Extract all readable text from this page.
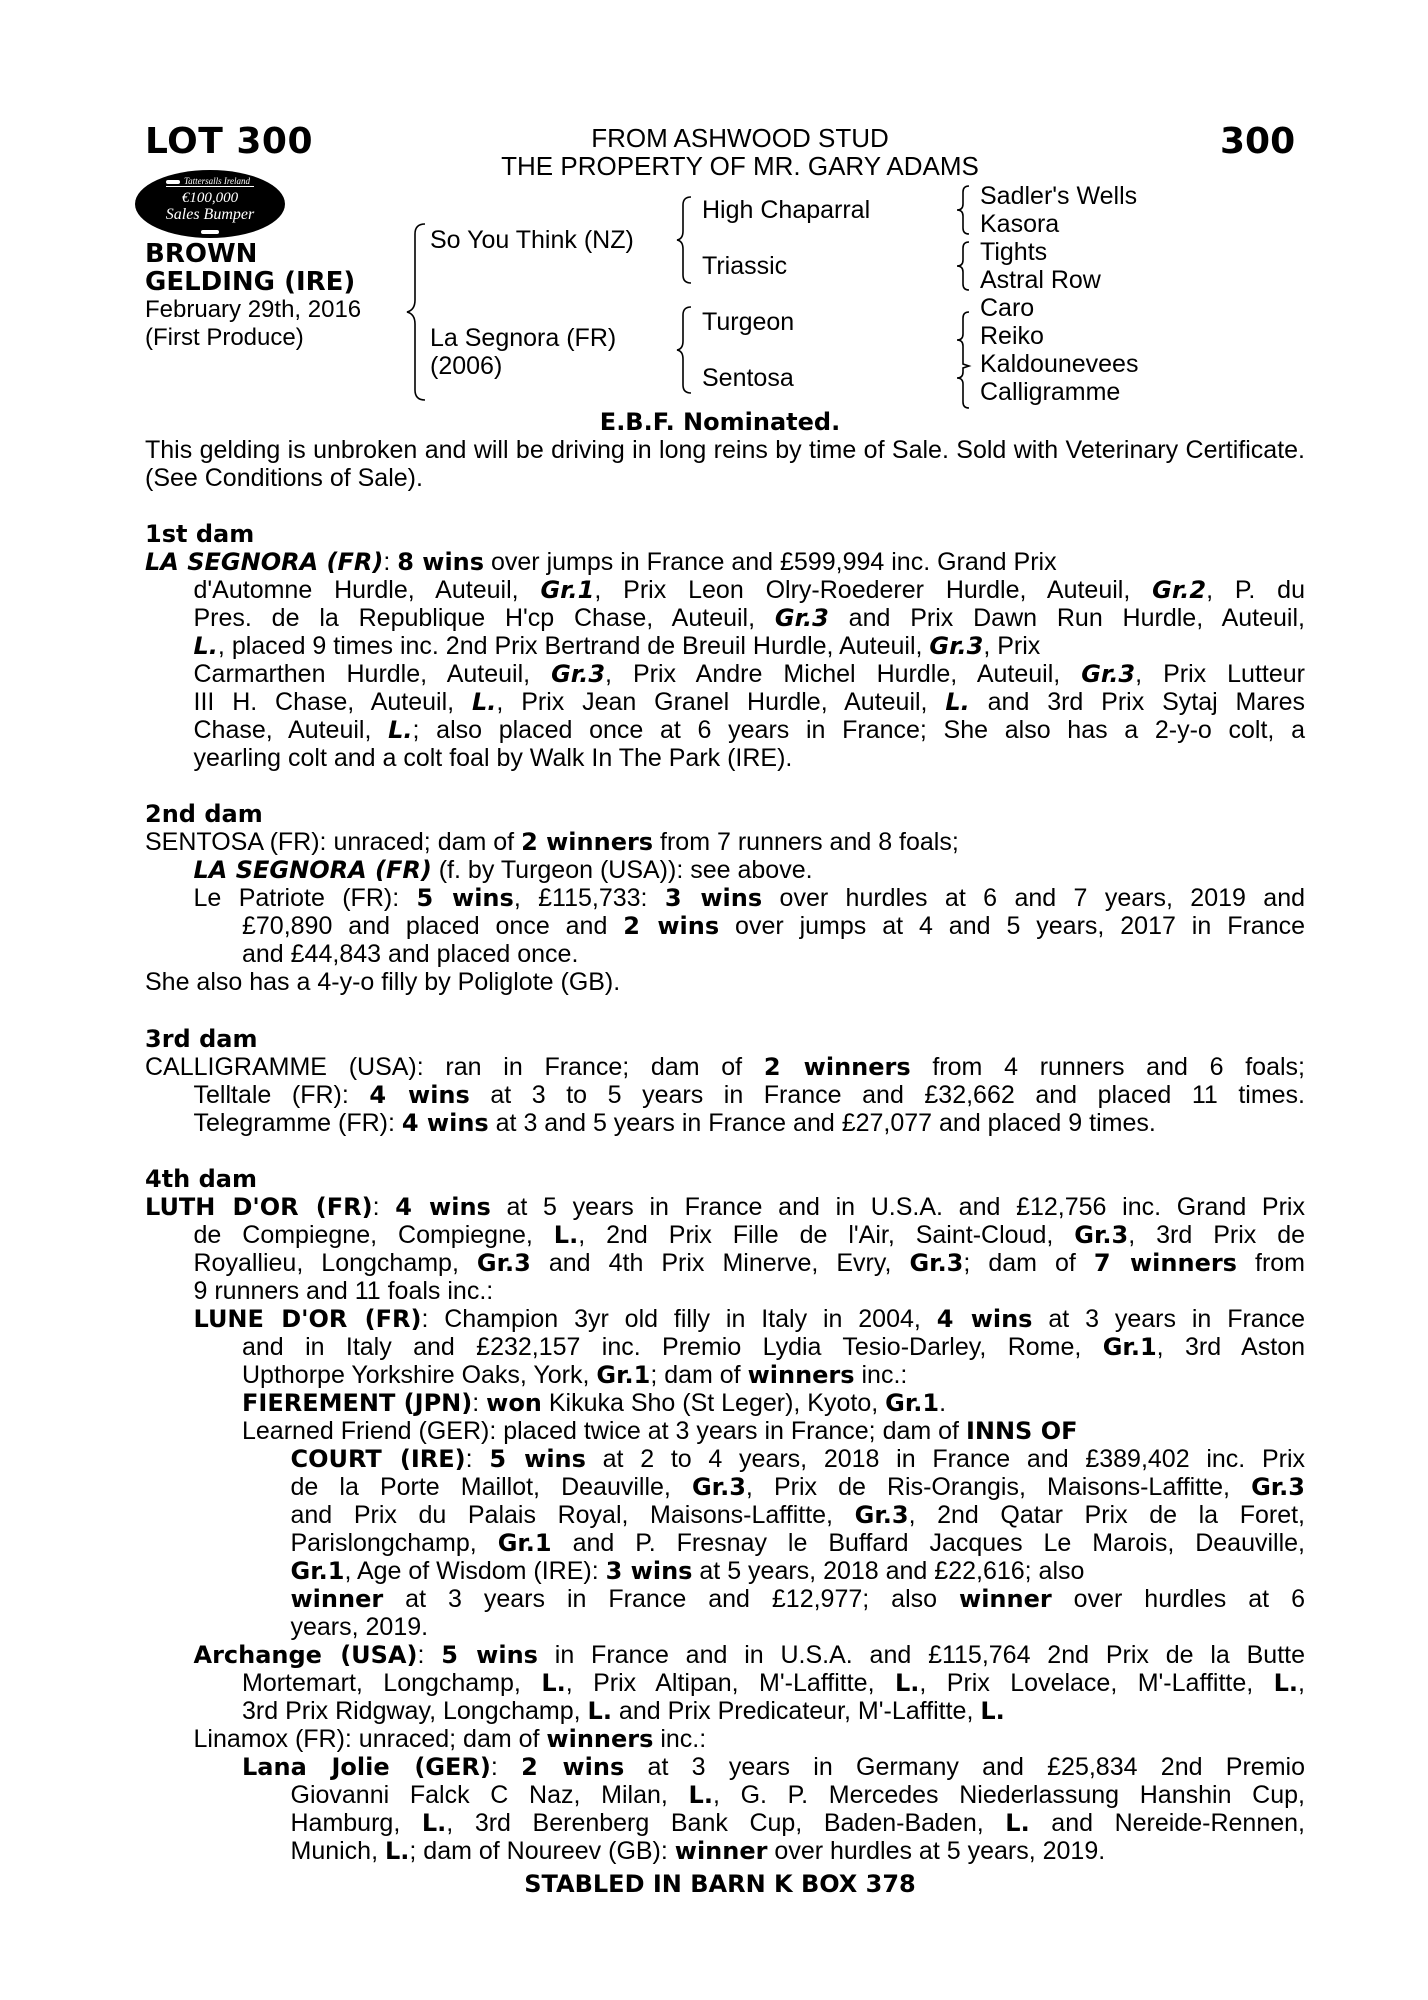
LOT 300	FROM ASHWOOD STUD
THE PROPERTY OF MR. GARY ADAMS
300
Tattersalls Ireland
€100,000
Sales Bumper
BROWN
GELDING (IRE)
February 29th, 2016
(First Produce)
So You Think (NZ)
La Segnora (FR)
(2006)
High Chaparral
Triassic
Turgeon
Sentosa
Sadler's Wells
Kasora
Tights
Astral Row
Caro
Reiko
Kaldounevees
Calligramme
E.B.F. Nominated.
This gelding is unbroken and will be driving in long reins by time of Sale. Sold with Veterinary Certificate. (See Conditions of Sale).
1st dam
2nd dam
3rd dam
4th dam
STABLED IN BARN K BOX 378
LA SEGNORA (FR): 8 wins over jumps in France and £599,994 inc. Grand Prix
d'Automne Hurdle, Auteuil, Gr.1, Prix Leon Olry-Roederer Hurdle, Auteuil, Gr.2, P. du
Pres. de la Republique H'cp Chase, Auteuil, Gr.3 and Prix Dawn Run Hurdle, Auteuil,
L., placed 9 times inc. 2nd Prix Bertrand de Breuil Hurdle, Auteuil, Gr.3, Prix
Carmarthen Hurdle, Auteuil, Gr.3, Prix Andre Michel Hurdle, Auteuil, Gr.3, Prix Lutteur
III H. Chase, Auteuil, L., Prix Jean Granel Hurdle, Auteuil, L. and 3rd Prix Sytaj Mares
Chase, Auteuil, L.; also placed once at 6 years in France; She also has a 2-y-o colt, a
yearling colt and a colt foal by Walk In The Park (IRE).
SENTOSA (FR): unraced; dam of 2 winners from 7 runners and 8 foals;
LA SEGNORA (FR) (f. by Turgeon (USA)): see above.
Le Patriote (FR): 5 wins, £115,733: 3 wins over hurdles at 6 and 7 years, 2019 and
£70,890 and placed once and 2 wins over jumps at 4 and 5 years, 2017 in France
and £44,843 and placed once.
She also has a 4-y-o filly by Poliglote (GB).
CALLIGRAMME (USA): ran in France; dam of 2 winners from 4 runners and 6 foals;
Telltale (FR): 4 wins at 3 to 5 years in France and £32,662 and placed 11 times.
Telegramme (FR): 4 wins at 3 and 5 years in France and £27,077 and placed 9 times.
LUTH D'OR (FR): 4 wins at 5 years in France and in U.S.A. and £12,756 inc. Grand Prix
de Compiegne, Compiegne, L., 2nd Prix Fille de l'Air, Saint-Cloud, Gr.3, 3rd Prix de
Royallieu, Longchamp, Gr.3 and 4th Prix Minerve, Evry, Gr.3; dam of 7 winners from
9 runners and 11 foals inc.:
LUNE D'OR (FR): Champion 3yr old filly in Italy in 2004, 4 wins at 3 years in France
and in Italy and £232,157 inc. Premio Lydia Tesio-Darley, Rome, Gr.1, 3rd Aston
Upthorpe Yorkshire Oaks, York, Gr.1; dam of winners inc.:
FIEREMENT (JPN): won Kikuka Sho (St Leger), Kyoto, Gr.1.
Learned Friend (GER): placed twice at 3 years in France; dam of INNS OF
COURT (IRE): 5 wins at 2 to 4 years, 2018 in France and £389,402 inc. Prix
de la Porte Maillot, Deauville, Gr.3, Prix de Ris-Orangis, Maisons-Laffitte, Gr.3
and Prix du Palais Royal, Maisons-Laffitte, Gr.3, 2nd Qatar Prix de la Foret,
Parislongchamp, Gr.1 and P. Fresnay le Buffard Jacques Le Marois, Deauville,
Gr.1, Age of Wisdom (IRE): 3 wins at 5 years, 2018 and £22,616; also
winner at 3 years in France and £12,977; also winner over hurdles at 6
years, 2019.
Archange (USA): 5 wins in France and in U.S.A. and £115,764 2nd Prix de la Butte
Mortemart, Longchamp, L., Prix Altipan, M'-Laffitte, L., Prix Lovelace, M'-Laffitte, L.,
3rd Prix Ridgway, Longchamp, L. and Prix Predicateur, M'-Laffitte, L.
Linamox (FR): unraced; dam of winners inc.:
Lana Jolie (GER): 2 wins at 3 years in Germany and £25,834 2nd Premio
Giovanni Falck C Naz, Milan, L., G. P. Mercedes Niederlassung Hanshin Cup,
Hamburg, L., 3rd Berenberg Bank Cup, Baden-Baden, L. and Nereide-Rennen,
Munich, L.; dam of Noureev (GB): winner over hurdles at 5 years, 2019.
